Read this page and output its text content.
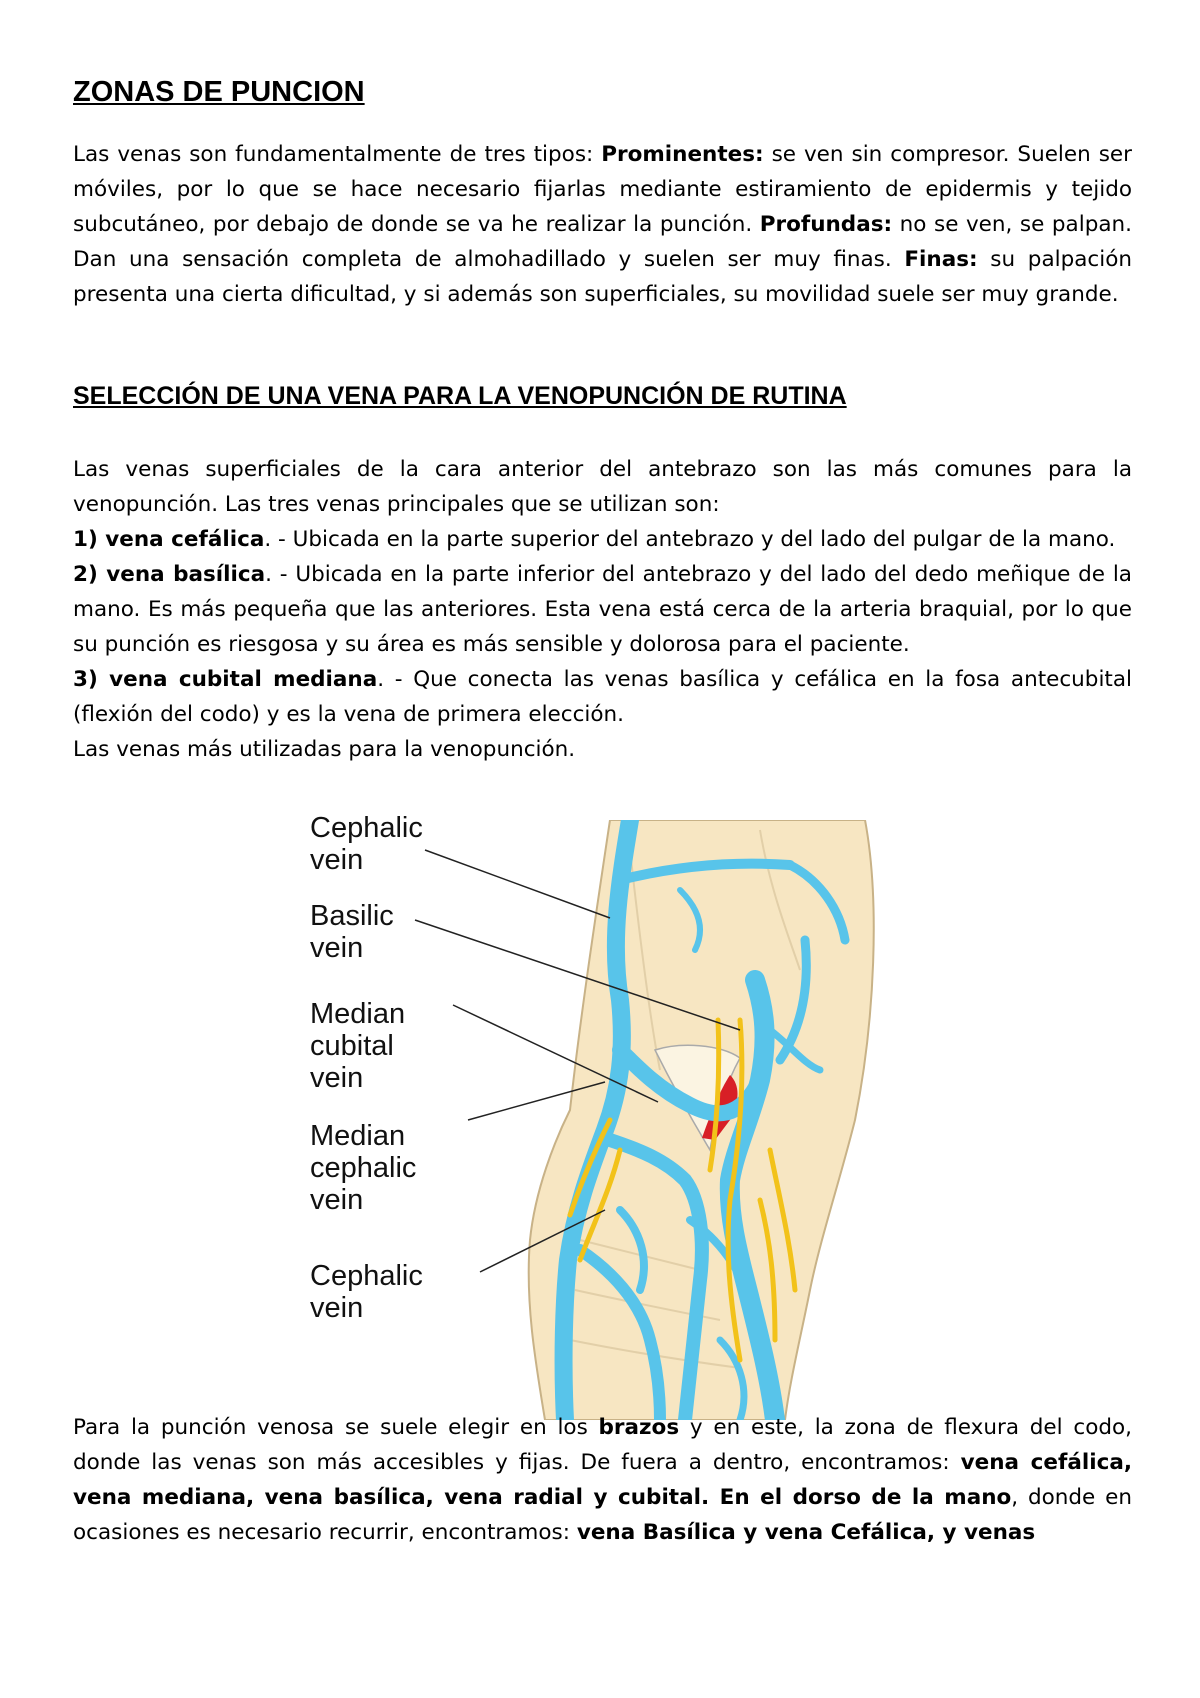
ZONAS DE PUNCION

Las venas son fundamentalmente de tres tipos: Prominentes: se ven sin compresor. Suelen ser móviles, por lo que se hace necesario fijarlas mediante estiramiento de epidermis y tejido subcutáneo, por debajo de donde se va he realizar la punción. Profundas: no se ven, se palpan. Dan una sensación completa de almohadillado y suelen ser muy finas. Finas: su palpación presenta una cierta dificultad, y si además son superficiales, su movilidad suele ser muy grande.

SELECCIÓN DE UNA VENA PARA LA VENOPUNCIÓN DE RUTINA
Las venas superficiales de la cara anterior del antebrazo son las más comunes para la venopunción. Las tres venas principales que se utilizan son:
1) vena cefálica. - Ubicada en la parte superior del antebrazo y del lado del pulgar de la mano.
2) vena basílica. - Ubicada en la parte inferior del antebrazo y del lado del dedo meñique de la mano. Es más pequeña que las anteriores. Esta vena está cerca de la arteria braquial, por lo que su punción es riesgosa y su área es más sensible y dolorosa para el paciente.
3) vena cubital mediana. - Que conecta las venas basílica y cefálica en la fosa antecubital (flexión del codo) y es la vena de primera elección.
Las venas más utilizadas para la venopunción.
Cephalic
vein
Basilic
vein
Median
cubital
vein
Median
cephalic
vein
Cephalic
vein

Para la punción venosa se suele elegir en los brazos y en este, la zona de flexura del codo, donde las venas son más accesibles y fijas. De fuera a dentro, encontramos: vena cefálica, vena mediana, vena basílica, vena radial y cubital. En el dorso de la mano, donde en ocasiones es necesario recurrir, encontramos: vena Basílica y vena Cefálica, y venas
